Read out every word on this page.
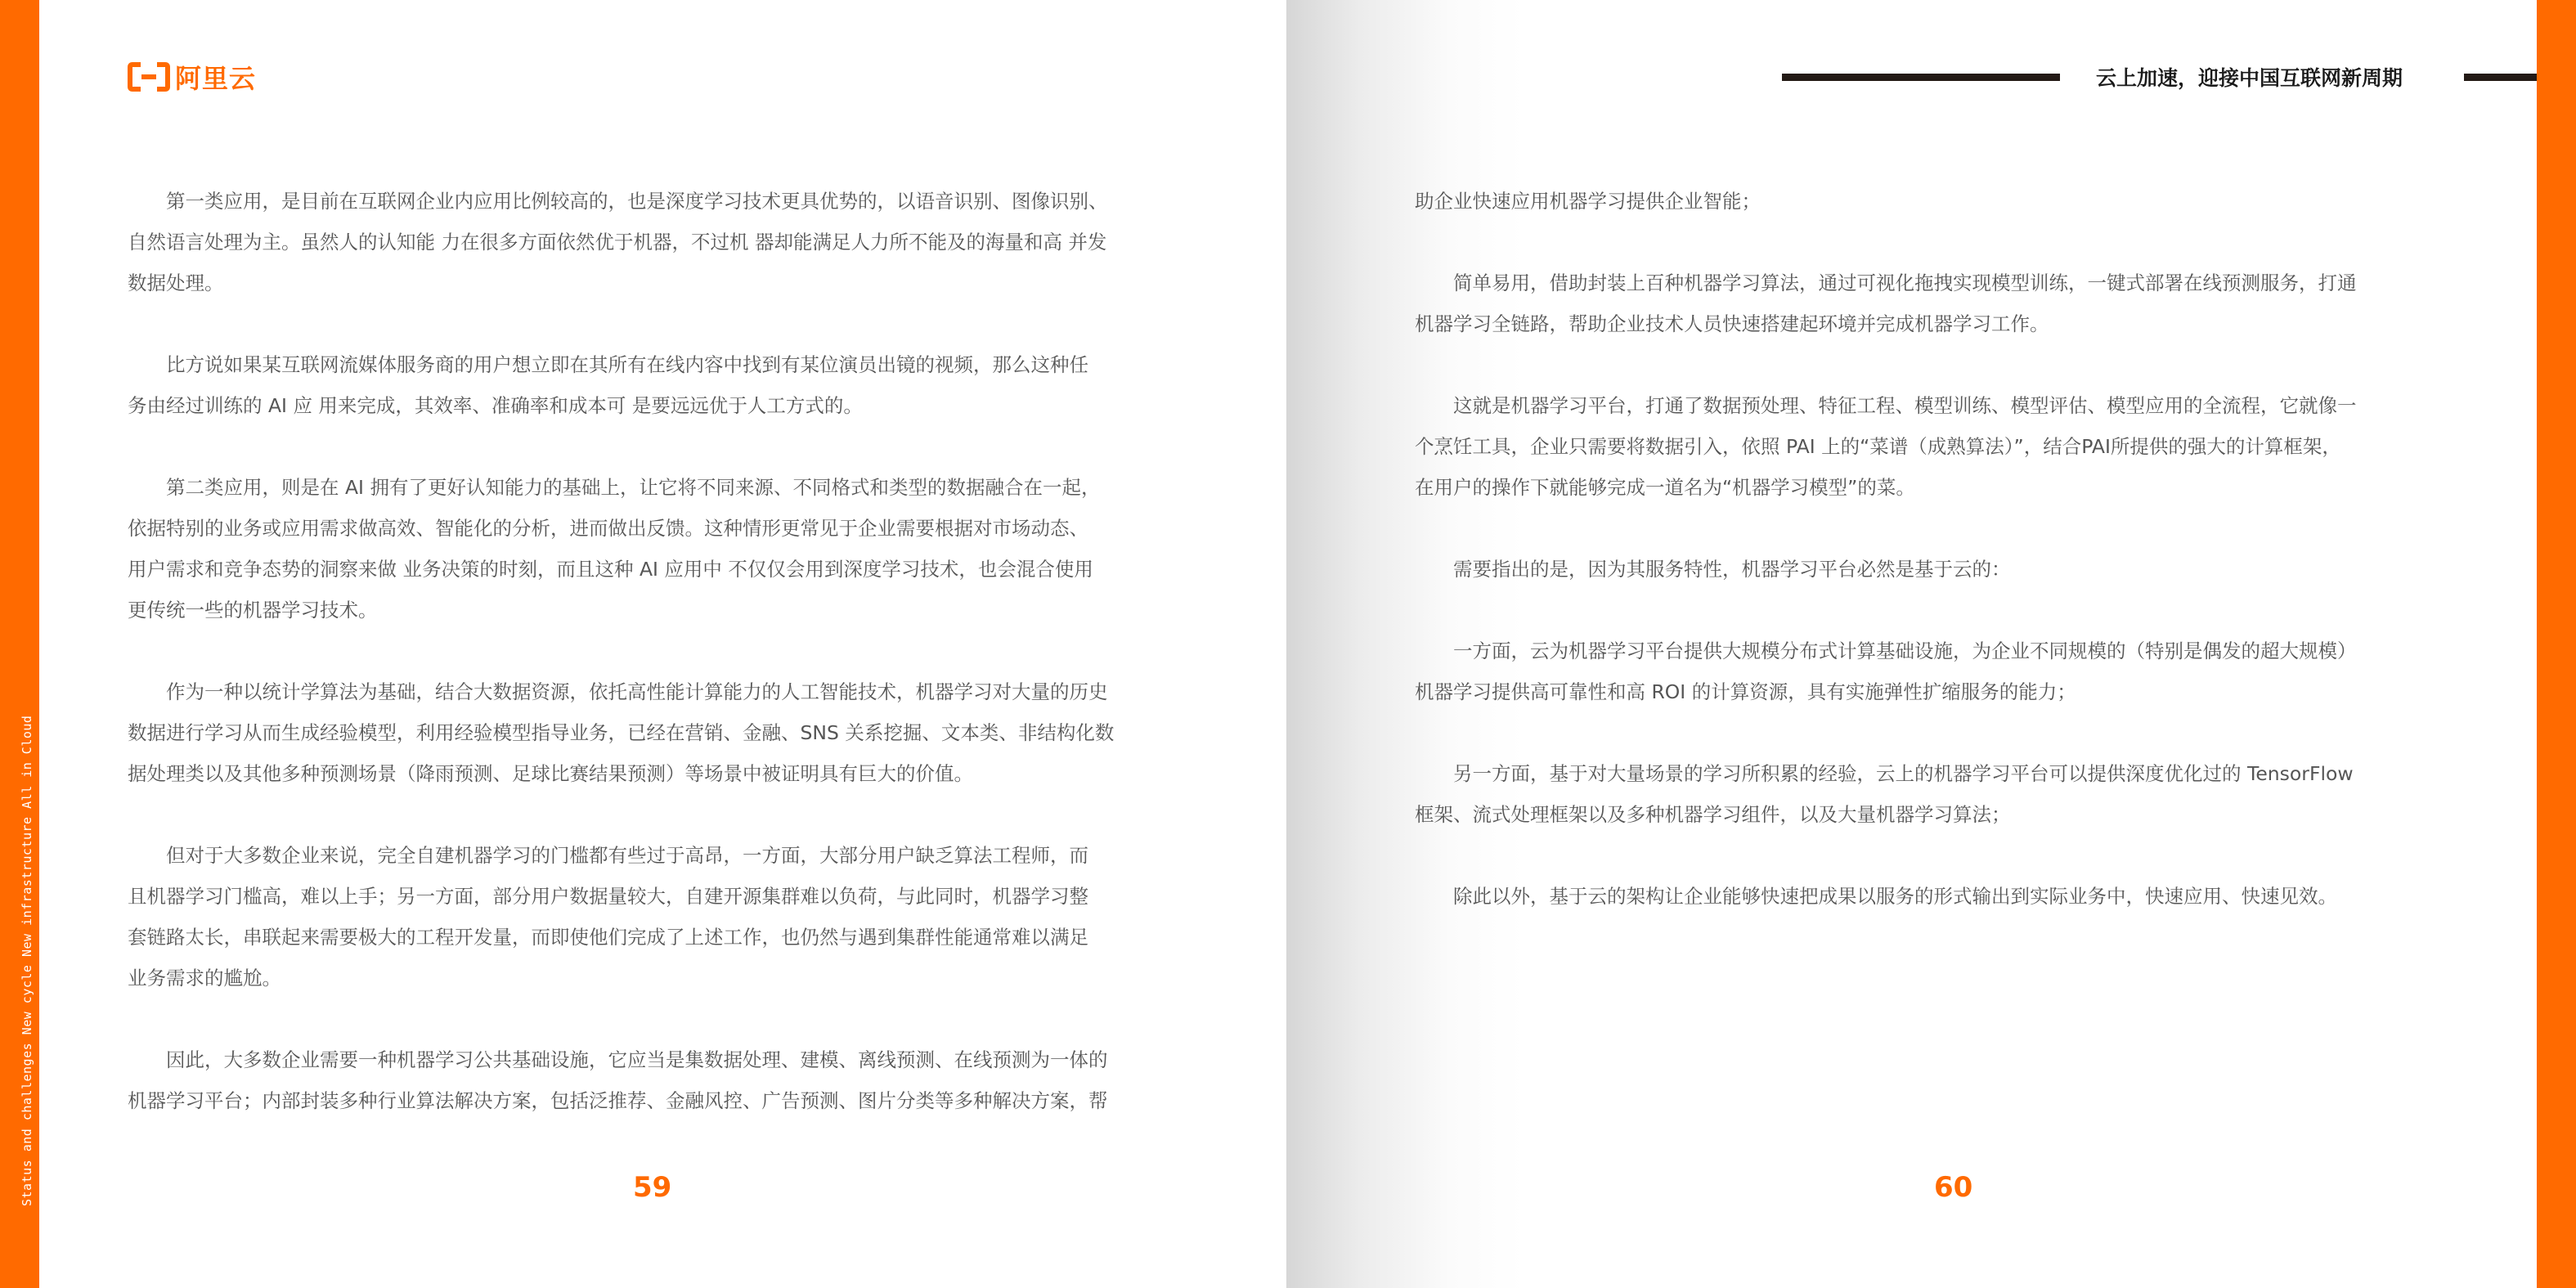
Status and challenges New cycle New infrastructure All in Cloud
阿里云

　　第一类应用，是目前在互联网企业内应用比例较高的，也是深度学习技术更具优势的，以语音识别、图像识别、

自然语言处理为主。虽然人的认知能 力在很多方面依然优于机器，不过机 器却能满足人力所不能及的海量和高 并发

数据处理。

　　比方说如果某互联网流媒体服务商的用户想立即在其所有在线内容中找到有某位演员出镜的视频，那么这种任

务由经过训练的 AI 应 用来完成，其效率、准确率和成本可 是要远远优于人工方式的。

　　第二类应用，则是在 AI 拥有了更好认知能力的基础上，让它将不同来源、不同格式和类型的数据融合在一起，

依据特别的业务或应用需求做高效、智能化的分析，进而做出反馈。这种情形更常见于企业需要根据对市场动态、

用户需求和竞争态势的洞察来做 业务决策的时刻，而且这种 AI 应用中 不仅仅会用到深度学习技术，也会混合使用

更传统一些的机器学习技术。

　　作为一种以统计学算法为基础，结合大数据资源，依托高性能计算能力的人工智能技术，机器学习对大量的历史

数据进行学习从而生成经验模型，利用经验模型指导业务，已经在营销、金融、SNS 关系挖掘、文本类、非结构化数

据处理类以及其他多种预测场景（降雨预测、足球比赛结果预测）等场景中被证明具有巨大的价值。

　　但对于大多数企业来说，完全自建机器学习的门槛都有些过于高昂，一方面，大部分用户缺乏算法工程师，而

且机器学习门槛高，难以上手；另一方面，部分用户数据量较大，自建开源集群难以负荷，与此同时，机器学习整

套链路太长，串联起来需要极大的工程开发量，而即使他们完成了上述工作，也仍然与遇到集群性能通常难以满足

业务需求的尴尬。

　　因此，大多数企业需要一种机器学习公共基础设施，它应当是集数据处理、建模、离线预测、在线预测为一体的

机器学习平台；内部封装多种行业算法解决方案，包括泛推荐、金融风控、广告预测、图片分类等多种解决方案，帮

59
云上加速，迎接中国互联网新周期

助企业快速应用机器学习提供企业智能；

　　简单易用，借助封装上百种机器学习算法，通过可视化拖拽实现模型训练，一键式部署在线预测服务，打通

机器学习全链路，帮助企业技术人员快速搭建起环境并完成机器学习工作。

　　这就是机器学习平台，打通了数据预处理、特征工程、模型训练、模型评估、模型应用的全流程，它就像一

个烹饪工具，企业只需要将数据引入，依照 PAI 上的“菜谱（成熟算法）”，结合PAI所提供的强大的计算框架，

在用户的操作下就能够完成一道名为“机器学习模型”的菜。

　　需要指出的是，因为其服务特性，机器学习平台必然是基于云的：

　　一方面，云为机器学习平台提供大规模分布式计算基础设施，为企业不同规模的（特别是偶发的超大规模）

机器学习提供高可靠性和高 ROI 的计算资源，具有实施弹性扩缩服务的能力；

　　另一方面，基于对大量场景的学习所积累的经验，云上的机器学习平台可以提供深度优化过的 TensorFlow

框架、流式处理框架以及多种机器学习组件，以及大量机器学习算法；

　　除此以外，基于云的架构让企业能够快速把成果以服务的形式输出到实际业务中，快速应用、快速见效。

60
